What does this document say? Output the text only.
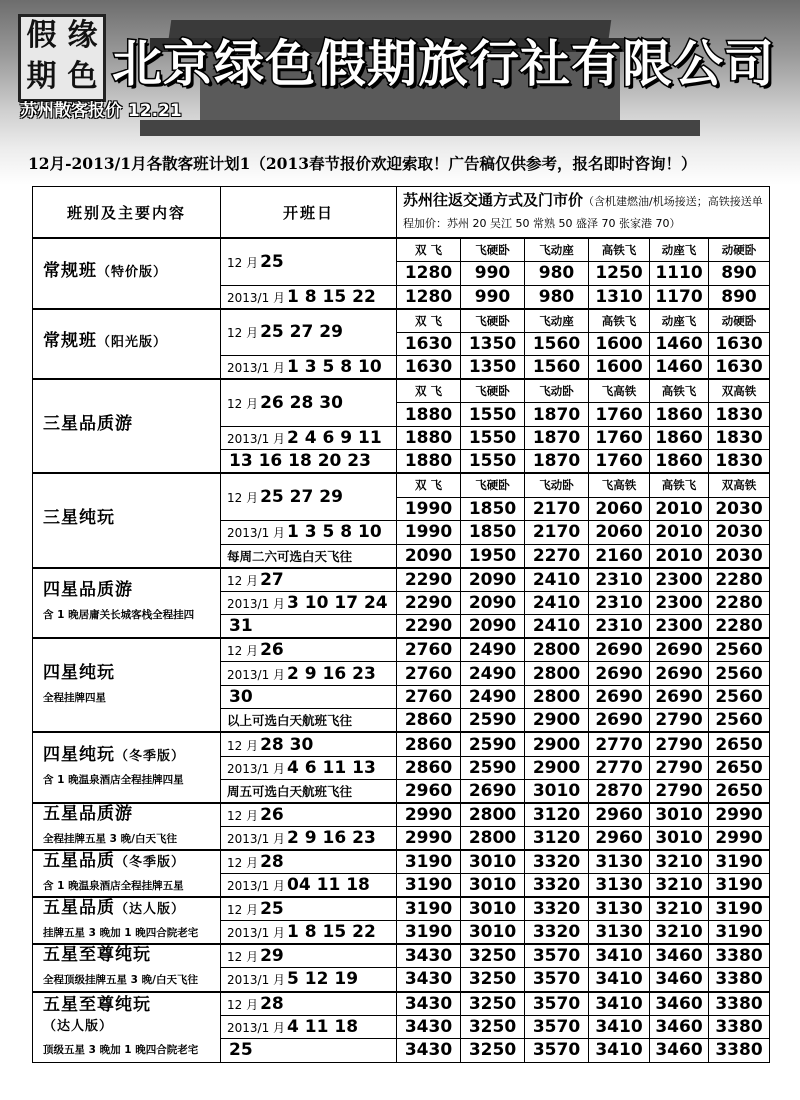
假 缘
期 色 北京绿色假期旅行社有限公司
苏州散客报价 12.21
12月-2013/1月各散客班计划1（2013春节报价欢迎索取！广告稿仅供参考，报名即时咨询！）
班别及主要内容	开班日	苏州往返交通方式及门市价（含机建燃油/机场接送；高铁接送单程加价：苏州 20 吴江 50 常熟 50 盛泽 70 张家港 70）					
常规班（特价版）	12 月 25	双 飞	飞硬卧	飞动座	高铁飞	动座飞	动硬卧
		1280	990	980	1250	1110	890
	2013/1 月 1 8 15 22	1280	990	980	1310	1170	890
常规班（阳光版）	12 月 25 27 29	双 飞	飞硬卧	飞动座	高铁飞	动座飞	动硬卧
		1630	1350	1560	1600	1460	1630
	2013/1 月 1 3 5 8 10	1630	1350	1560	1600	1460	1630
三星品质游	12 月 26 28 30	双 飞	飞硬卧	飞动卧	飞高铁	高铁飞	双高铁
		1880	1550	1870	1760	1860	1830
	2013/1 月 2 4 6 9 11	1880	1550	1870	1760	1860	1830
	13 16 18 20 23	1880	1550	1870	1760	1860	1830
三星纯玩	12 月 25 27 29	双 飞	飞硬卧	飞动卧	飞高铁	高铁飞	双高铁
		1990	1850	2170	2060	2010	2030
	2013/1 月 1 3 5 8 10	1990	1850	2170	2060	2010	2030
	每周二六可选白天飞往	2090	1950	2270	2160	2010	2030
四星品质游
含 1 晚居庸关长城客栈全程挂四	12 月 27	2290	2090	2410	2310	2300	2280
	2013/1 月 3 10 17 24	2290	2090	2410	2310	2300	2280
	31	2290	2090	2410	2310	2300	2280
四星纯玩
全程挂牌四星	12 月 26	2760	2490	2800	2690	2690	2560
	2013/1 月 2 9 16 23	2760	2490	2800	2690	2690	2560
	30	2760	2490	2800	2690	2690	2560
	以上可选白天航班飞往	2860	2590	2900	2690	2790	2560
四星纯玩（冬季版）
含 1 晚温泉酒店全程挂牌四星	12 月 28 30	2860	2590	2900	2770	2790	2650
	2013/1 月 4 6 11 13	2860	2590	2900	2770	2790	2650
	周五可选白天航班飞往	2960	2690	3010	2870	2790	2650
五星品质游
全程挂牌五星 3 晚/白天飞往	12 月 26	2990	2800	3120	2960	3010	2990
	2013/1 月 2 9 16 23	2990	2800	3120	2960	3010	2990
五星品质（冬季版）
含 1 晚温泉酒店全程挂牌五星	12 月 28	3190	3010	3320	3130	3210	3190
	2013/1 月 04 11 18	3190	3010	3320	3130	3210	3190
五星品质（达人版）
挂牌五星 3 晚加 1 晚四合院老宅	12 月 25	3190	3010	3320	3130	3210	3190
	2013/1 月 1 8 15 22	3190	3010	3320	3130	3210	3190
五星至尊纯玩
全程顶级挂牌五星 3 晚/白天飞往	12 月 29	3430	3250	3570	3410	3460	3380
	2013/1 月 5 12 19	3430	3250	3570	3410	3460	3380
五星至尊纯玩（达人版）
顶级五星 3 晚加 1 晚四合院老宅	12 月 28	3430	3250	3570	3410	3460	3380
	2013/1 月 4 11 18	3430	3250	3570	3410	3460	3380
	25	3430	3250	3570	3410	3460	3380
